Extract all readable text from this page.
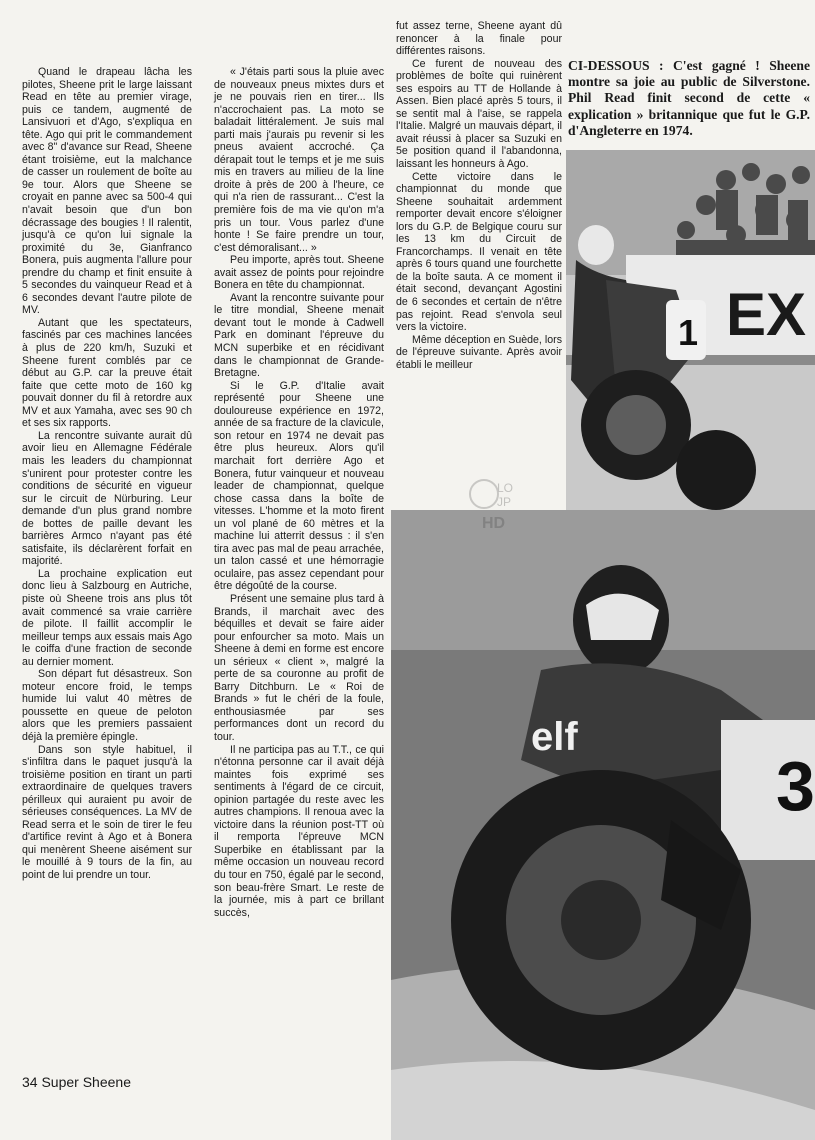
Quand le drapeau lâcha les pilotes, Sheene prit le large laissant Read en tête au premier virage, puis ce tandem, augmenté de Lansivuori et d'Ago, s'expliqua en tête. Ago qui prit le commandement avec 8" d'avance sur Read, Sheene étant troisième, eut la malchance de casser un roulement de boîte au 9e tour. Alors que Sheene se croyait en panne avec sa 500-4 qui n'avait besoin que d'un bon décrassage des bougies ! Il ralentit, jusqu'à ce qu'on lui signale la proximité du 3e, Gianfranco Bonera, puis augmenta l'allure pour prendre du champ et finit ensuite à 5 secondes du vainqueur Read et à 6 secondes devant l'autre pilote de MV.

Autant que les spectateurs, fascinés par ces machines lancées à plus de 220 km/h, Suzuki et Sheene furent comblés par ce début au G.P. car la preuve était faite que cette moto de 160 kg pouvait donner du fil à retordre aux MV et aux Yamaha, avec ses 90 ch et ses six rapports.

La rencontre suivante aurait dû avoir lieu en Allemagne Fédérale mais les leaders du championnat s'unirent pour protester contre les conditions de sécurité en vigueur sur le circuit de Nürburing. Leur demande d'un plus grand nombre de bottes de paille devant les barrières Armco n'ayant pas été satisfaite, ils déclarèrent forfait en majorité.

La prochaine explication eut donc lieu à Salzbourg en Autriche, piste où Sheene trois ans plus tôt avait commencé sa vraie carrière de pilote. Il faillit accomplir le meilleur temps aux essais mais Ago le coiffa d'une fraction de seconde au dernier moment.

Son départ fut désastreux. Son moteur encore froid, le temps humide lui valut 40 mètres de poussette en queue de peloton alors que les premiers passaient déjà la première épingle.

Dans son style habituel, il s'infiltra dans le paquet jusqu'à la troisième position en tirant un parti extraordinaire de quelques travers périlleux qui auraient pu avoir de sérieuses conséquences. La MV de Read serra et le soin de tirer le feu d'artifice revint à Ago et à Bonera qui menèrent Sheene aisément sur le mouillé à 9 tours de la fin, au point de lui prendre un tour.

« J'étais parti sous la pluie avec de nouveaux pneus mixtes durs et je ne pouvais rien en tirer... Ils n'accrochaient pas. La moto se baladait littéralement. Je suis mal parti mais j'aurais pu revenir si les pneus avaient accroché. Ça dérapait tout le temps et je me suis mis en travers au milieu de la line droite à près de 200 à l'heure, ce qui n'a rien de rassurant... C'est la première fois de ma vie qu'on m'a pris un tour. Vous parlez d'une honte ! Se faire prendre un tour, c'est démoralisant... »

Peu importe, après tout. Sheene avait assez de points pour rejoindre Bonera en tête du championnat.

Avant la rencontre suivante pour le titre mondial, Sheene menait devant tout le monde à Cadwell Park en dominant l'épreuve du MCN superbike et en récidivant dans le championnat de Grande-Bretagne.

Si le G.P. d'Italie avait représenté pour Sheene une douloureuse expérience en 1972, année de sa fracture de la clavicule, son retour en 1974 ne devait pas être plus heureux. Alors qu'il marchait fort derrière Ago et Bonera, futur vainqueur et nouveau leader de championnat, quelque chose cassa dans la boîte de vitesses. L'homme et la moto firent un vol plané de 60 mètres et la machine lui atterrit dessus : il s'en tira avec pas mal de peau arrachée, un talon cassé et une hémorragie oculaire, pas assez cependant pour être dégoûté de la course.

Présent une semaine plus tard à Brands, il marchait avec des béquilles et devait se faire aider pour enfourcher sa moto. Mais un Sheene à demi en forme est encore un sérieux « client », malgré la perte de sa couronne au profit de Barry Ditchburn. Le « Roi de Brands » fut le chéri de la foule, enthousiasmée par ses performances dont un record du tour.

Il ne participa pas au T.T., ce qui n'étonna personne car il avait déjà maintes fois exprimé ses sentiments à l'égard de ce circuit, opinion partagée du reste avec les autres champions. Il renoua avec la victoire dans la réunion post-TT où il remporta l'épreuve MCN Superbike en établissant par la même occasion un nouveau record du tour en 750, égalé par le second, son beau-frère Smart. Le reste de la journée, mis à part ce brillant succès,

fut assez terne, Sheene ayant dû renoncer à la finale pour différentes raisons.

Ce furent de nouveau des problèmes de boîte qui ruinèrent ses espoirs au TT de Hollande à Assen. Bien placé après 5 tours, il se sentit mal à l'aise, se rappela l'Italie. Malgré un mauvais départ, il avait réussi à placer sa Suzuki en 5e position quand il l'abandonna, laissant les honneurs à Ago.

Cette victoire dans le championnat du monde que Sheene souhaitait ardemment remporter devait encore s'éloigner lors du G.P. de Belgique couru sur les 13 km du Circuit de Francorchamps. Il venait en tête après 6 tours quand une fourchette de la boîte sauta. A ce moment il était second, devançant Agostini de 6 secondes et certain de n'être pas rejoint. Read s'envola seul vers la victoire.

Même déception en Suède, lors de l'épreuve suivante. Après avoir établi le meilleur

CI-DESSOUS : C'est gagné ! Sheene montre sa joie au public de Silverstone. Phil Read finit second de cette « explication » britannique que fut le G.P. d'Angleterre en 1974.

EX
1
elf
3
LO
JP
HD
34 Super Sheene
